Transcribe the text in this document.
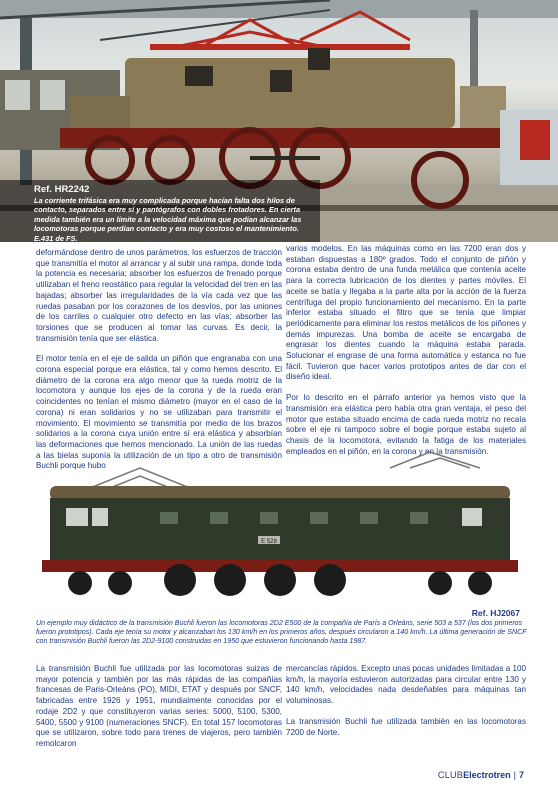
Ref. HR2242
La corriente trifásica era muy complicada porque hacían falta dos hilos de contacto, separados entre sí y pantógrafos con dobles frotadores. En cierta medida también era un límite a la velocidad máxima que podían alcanzar las locomotoras porque perdían contacto y era muy costoso el mantenimiento. E.431 de FS.

deformándose dentro de unos parámetros, los esfuerzos de tracción que transmitía el motor al arrancar y al subir una rampa, donde toda la potencia es necesaria; absorber los esfuerzos de frenado porque utilizaban el freno reostático para regular la velocidad del tren en las bajadas; absorber las irregularidades de la vía cada vez que las ruedas pasaban por los corazones de los desvíos, por las uniones de los carriles o cualquier otro defecto en las vías; absorber las torsiones que se producen al tomar las curvas. Es decir, la transmisión tenía que ser elástica.

El motor tenía en el eje de salida un piñón que engranaba con una corona especial porque era elástica, tal y como hemos descrito. El diámetro de la corona era algo menor que la rueda motriz de la locomotora y aunque los ejes de la corona y de la rueda eran coincidentes no tenían el mismo diámetro (mayor en el caso de la corona) ni eran solidarios y no se utilizaban para transmitir el movimiento. El movimiento se transmitía por medio de los brazos solidarios a la corona cuya unión entre sí era elástica y absorbían las deformaciones que hemos mencionado. La unión de las ruedas a las bielas suponía la utilización de un tipo a otro de transmisión Buchli porque hubo

varios modelos. En las máquinas como en las 7200 eran dos y estaban dispuestas a 180º grados. Todo el conjunto de piñón y corona estaba dentro de una funda metálica que contenía aceite para la correcta lubricación de los dientes y partes móviles. El aceite se batía y llegaba a la parte alta por la acción de la fuerza centrífuga del propio funcionamiento del mecanismo. En la parte inferior estaba situado el filtro que se tenía que limpiar periódicamente para eliminar los restos metálicos de los piñones y demás impurezas. Una bomba de aceite se encargaba de engrasar los dientes cuando la máquina estaba parada. Solucionar el engrase de una forma automática y estanca no fue fácil. Tuvieron que hacer varios prototipos antes de dar con el diseño ideal.

Por lo descrito en el párrafo anterior ya hemos visto que la transmisión era elástica pero había otra gran ventaja, el peso del motor que estaba situado encima de cada rueda motriz no recaía sobre el eje ni tampoco sobre el bogie porque estaba sujeto al chasis de la locomotora, evitando la fatiga de los materiales empleados en el piñón, en la corona y en la transmisión.

E 528
Ref. HJ2067
Un ejemplo muy didáctico de la transmisión Buchli fueron las locomotoras 2D2 E500 de la compañía de París a Orleáns, serie 503 a 537 (los dos primeros fueron prototipos). Cada eje tenía su motor y alcanzaban los 130 km/h en los primeros años, después circularon a 140 km/h. La última generación de SNCF con transmisión Buchli fueron las 2D2-9100 construidas en 1950 que estuvieron funcionando hasta 1987.

La transmisión Buchli fue utilizada por las locomotoras suizas de mayor potencia y también por las más rápidas de las compañías francesas de Paris-Orleáns (PO), MIDI, ETAT y después por SNCF, fabricadas entre 1926 y 1951, mundialmente conocidas por el rodaje 2D2 y que constituyeron varias series: 5000, 5100, 5300, 5400, 5500 y 9100 (numeraciones SNCF). En total 157 locomotoras que se utilizaron, sobre todo para trenes de viajeros, pero también remolcaron

mercancías rápidos. Excepto unas pocas unidades limitadas a 100 km/h, la mayoría estuvieron autorizadas para circular entre 130 y 140 km/h, velocidades nada desdeñables para máquinas tan voluminosas.

La transmisión Buchli fue utilizada también en las locomotoras 7200 de Norte.

CLUBElectrotren | 7
